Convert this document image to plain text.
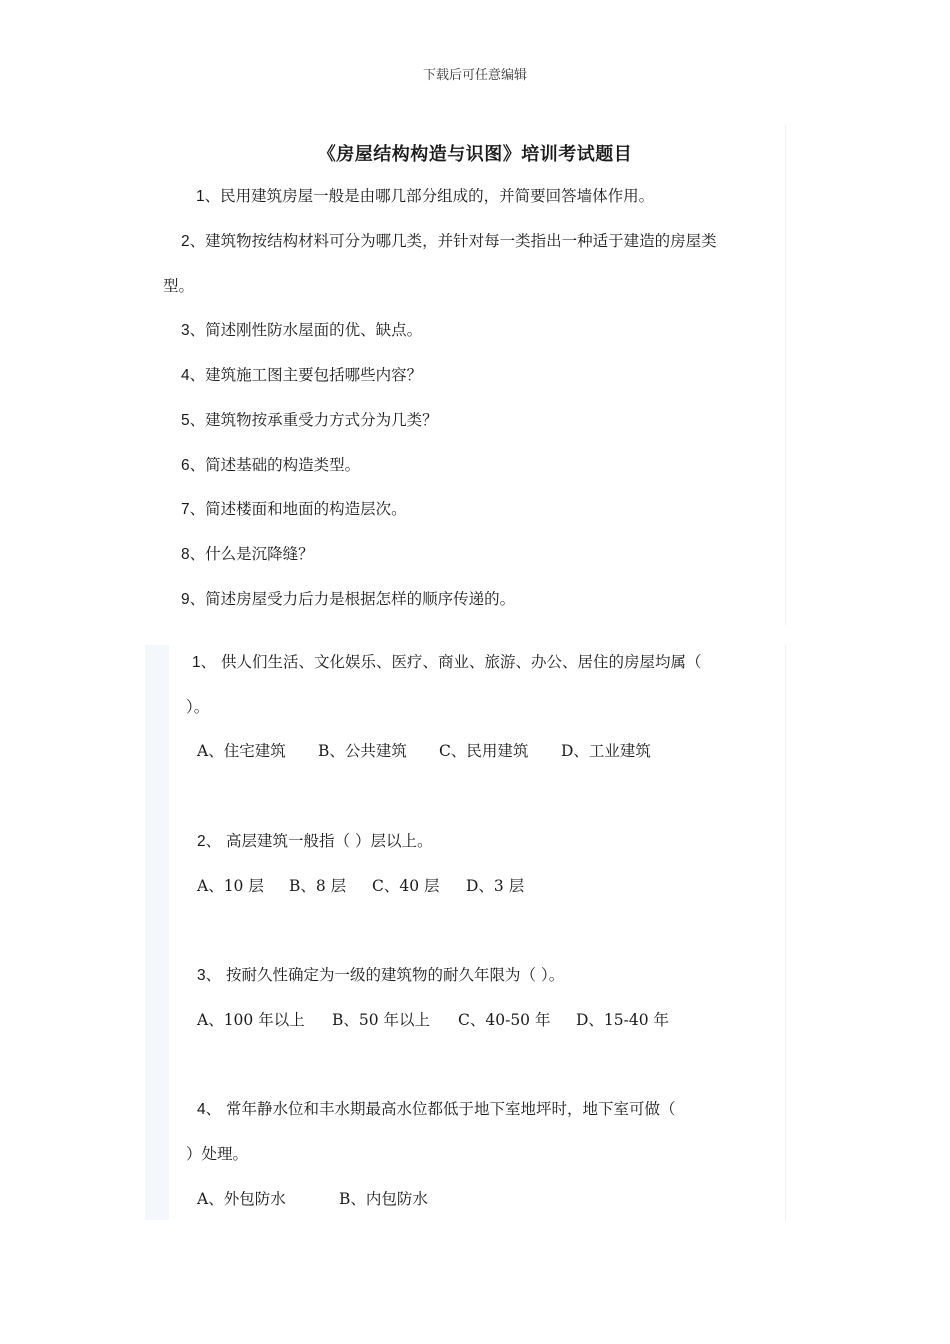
下载后可任意编辑
《房屋结构构造与识图》培训考试题目
1、民用建筑房屋一般是由哪几部分组成的，并简要回答墙体作用。
2、建筑物按结构材料可分为哪几类，并针对每一类指出一种适于建造的房屋类
型。
3、简述刚性防水屋面的优、缺点。
4、建筑施工图主要包括哪些内容？
5、建筑物按承重受力方式分为几类？
6、简述基础的构造类型。
7、简述楼面和地面的构造层次。
8、什么是沉降缝？
9、简述房屋受力后力是根据怎样的顺序传递的。
1、 供人们生活、文化娱乐、医疗、商业、旅游、办公、居住的房屋均属（
）。
A、住宅建筑 B、公共建筑 C、民用建筑 D、工业建筑
2、 高层建筑一般指（ ）层以上。
A、10 层 B、8 层 C、40 层 D、3 层
3、 按耐久性确定为一级的建筑物的耐久年限为（ ）。
A、100 年以上 B、50 年以上 C、40-50 年 D、15-40 年
4、 常年静水位和丰水期最高水位都低于地下室地坪时，地下室可做（
）处理。
A、外包防水	B、内包防水
